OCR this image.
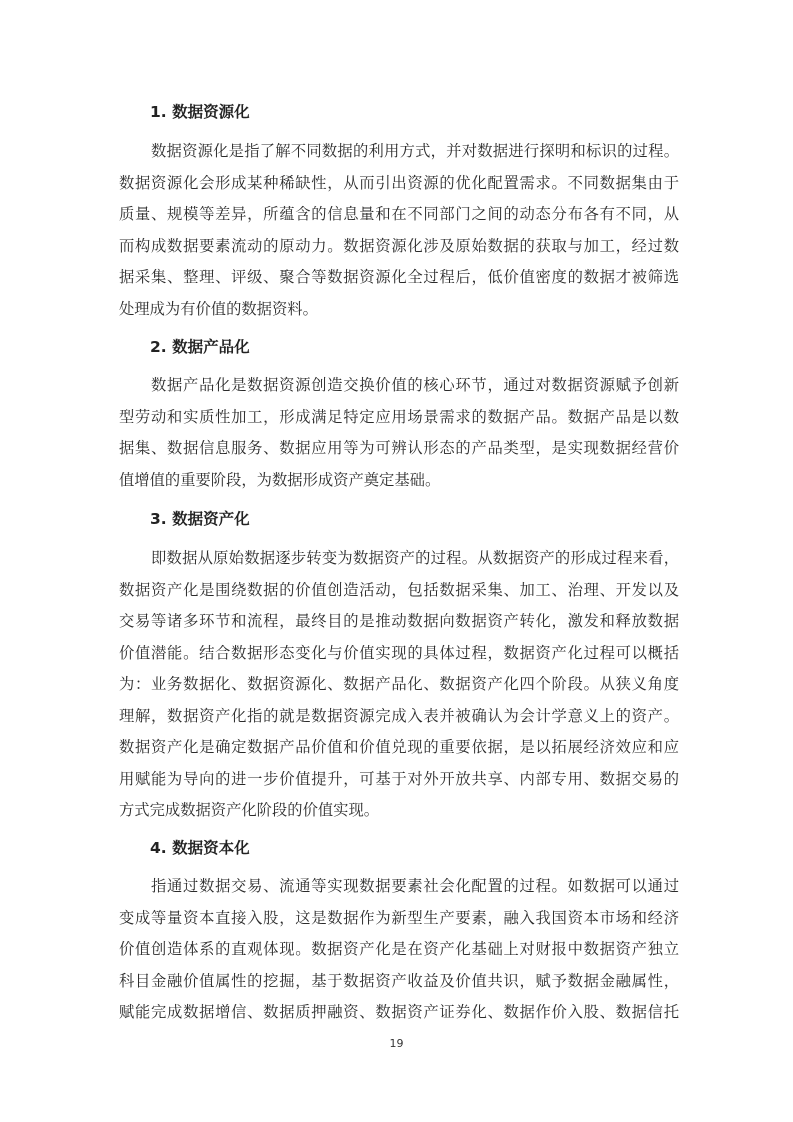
1. 数据资源化
数据资源化是指了解不同数据的利用方式，并对数据进行探明和标识的过程。
数据资源化会形成某种稀缺性，从而引出资源的优化配置需求。不同数据集由于
质量、规模等差异，所蕴含的信息量和在不同部门之间的动态分布各有不同，从
而构成数据要素流动的原动力。数据资源化涉及原始数据的获取与加工，经过数
据采集、整理、评级、聚合等数据资源化全过程后，低价值密度的数据才被筛选
处理成为有价值的数据资料。
2. 数据产品化
数据产品化是数据资源创造交换价值的核心环节，通过对数据资源赋予创新
型劳动和实质性加工，形成满足特定应用场景需求的数据产品。数据产品是以数
据集、数据信息服务、数据应用等为可辨认形态的产品类型，是实现数据经营价
值增值的重要阶段，为数据形成资产奠定基础。
3. 数据资产化
即数据从原始数据逐步转变为数据资产的过程。从数据资产的形成过程来看，
数据资产化是围绕数据的价值创造活动，包括数据采集、加工、治理、开发以及
交易等诸多环节和流程，最终目的是推动数据向数据资产转化，激发和释放数据
价值潜能。结合数据形态变化与价值实现的具体过程，数据资产化过程可以概括
为：业务数据化、数据资源化、数据产品化、数据资产化四个阶段。从狭义角度
理解，数据资产化指的就是数据资源完成入表并被确认为会计学意义上的资产。
数据资产化是确定数据产品价值和价值兑现的重要依据，是以拓展经济效应和应
用赋能为导向的进一步价值提升，可基于对外开放共享、内部专用、数据交易的
方式完成数据资产化阶段的价值实现。
4. 数据资本化
指通过数据交易、流通等实现数据要素社会化配置的过程。如数据可以通过
变成等量资本直接入股，这是数据作为新型生产要素，融入我国资本市场和经济
价值创造体系的直观体现。数据资产化是在资产化基础上对财报中数据资产独立
科目金融价值属性的挖掘，基于数据资产收益及价值共识，赋予数据金融属性，
赋能完成数据增信、数据质押融资、数据资产证券化、数据作价入股、数据信托
19
